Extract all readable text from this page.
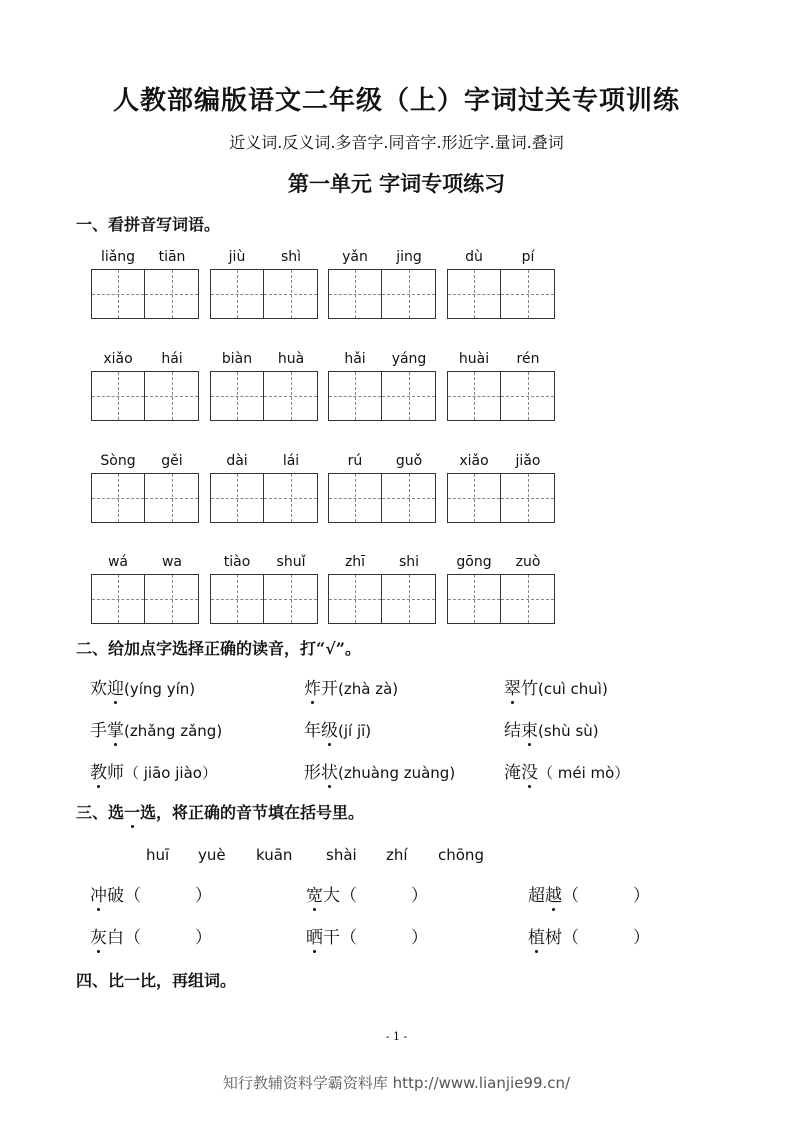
人教部编版语文二年级（上）字词过关专项训练
近义词.反义词.多音字.同音字.形近字.量词.叠词
第一单元 字词专项练习
一、看拼音写词语。
liǎng	tiān	jiù	shì	yǎn	jing	dù	pí
xiǎo	hái	biàn	huà	hǎi	yáng	huài	rén
Sòng	gěi	dài	lái	rú	guǒ	xiǎo	jiǎo
wá	wa	tiào	shuǐ	zhī	shi	gōng	zuò
二、给加点字选择正确的读音，打“√”。
欢迎(yíng yín)	炸开(zhà zà)	翠竹(cuì chuì)
手掌(zhǎng zǎng)	年级(jí jī)	结束(shù sù)
教师（ jiāo jiào）	形状(zhuàng zuàng)	淹没（ méi mò）
三、选一选，将正确的音节填在括号里。
huī yuè kuān shài zhí chōng
冲破（          ）	宽大（          ）	超越（          ）
灰白（          ）	晒干（          ）	植树（          ）
四、比一比，再组词。
- 1 -
知行教辅资料学霸资料库 http://www.lianjie99.cn/
